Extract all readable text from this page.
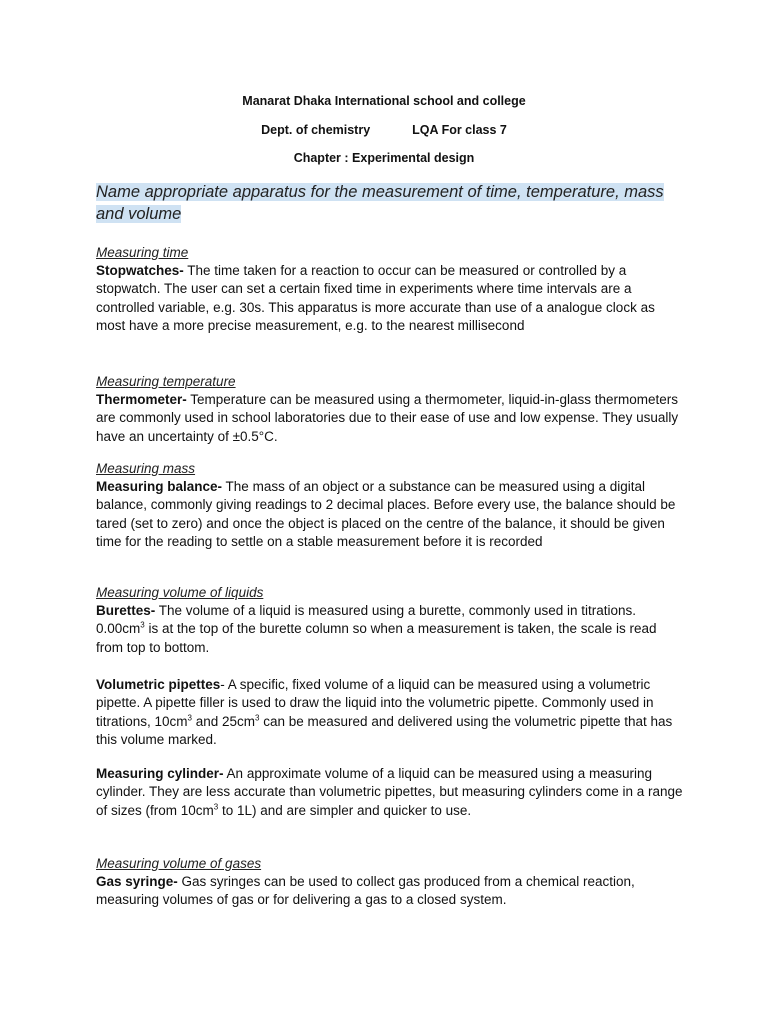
Manarat Dhaka International school and college
Dept. of chemistry	LQA For class 7
Chapter : Experimental design
Name appropriate apparatus for the measurement of time, temperature, mass and volume
Measuring time

Stopwatches- The time taken for a reaction to occur can be measured or controlled by a stopwatch. The user can set a certain fixed time in experiments where time intervals are a controlled variable, e.g. 30s. This apparatus is more accurate than use of a analogue clock as most have a more precise measurement, e.g. to the nearest millisecond

Measuring temperature

Thermometer- Temperature can be measured using a thermometer, liquid-in-glass thermometers are commonly used in school laboratories due to their ease of use and low expense. They usually have an uncertainty of ±0.5°C.

Measuring mass

Measuring balance- The mass of an object or a substance can be measured using a digital balance, commonly giving readings to 2 decimal places. Before every use, the balance should be tared (set to zero) and once the object is placed on the centre of the balance, it should be given time for the reading to settle on a stable measurement before it is recorded

Measuring volume of liquids

Burettes- The volume of a liquid is measured using a burette, commonly used in titrations. $0.00cm^3$ is at the top of the burette column so when a measurement is taken, the scale is read from top to bottom.

Volumetric pipettes- A specific, fixed volume of a liquid can be measured using a volumetric pipette. A pipette filler is used to draw the liquid into the volumetric pipette. Commonly used in titrations, $10cm^3$ and $25cm^3$ can be measured and delivered using the volumetric pipette that has this volume marked.

Measuring cylinder- An approximate volume of a liquid can be measured using a measuring cylinder. They are less accurate than volumetric pipettes, but measuring cylinders come in a range of sizes (from $10cm^3$ to 1L) and are simpler and quicker to use.

Measuring volume of gases

Gas syringe- Gas syringes can be used to collect gas produced from a chemical reaction, measuring volumes of gas or for delivering a gas to a closed system.
